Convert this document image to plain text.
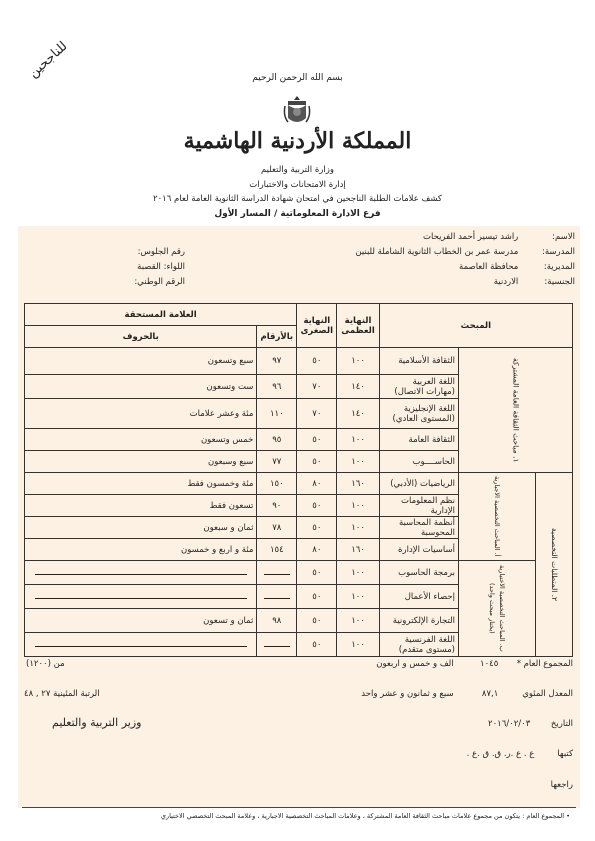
للناجحين	بسم الله الرحمن الرحيم
المملكة الأردنية الهاشمية
وزارة التربية والتعليم
إدارة الامتحانات والاختبارات
كشف علامات الطلبة الناجحين في امتحان شهادة الدراسة الثانوية العامة لعام ٢٠١٦
فرع الادارة المعلوماتية / المسار الأول
الاسم: راشد تيسير أحمد الفريحات
المدرسة: مدرسة عمر بن الخطاب الثانوية الشاملة للبنين
المديرية: محافظة العاصمة
الجنسية: الاردنية
رقم الجلوس:
اللواء: القصبة
الرقم الوطني:
المبحث			النهاية العظمى	النهاية الصغرى	العلامة المستحقة	
					بالأرقام	بالحروف

١. مباحث الثقافة العامة المشتركة		الثقافة الأسلامية	١٠٠	٥٠	٩٧	سبع وتسعون
		اللغة العربية (مهارات الاتصال)	١٤٠	٧٠	٩٦	ست وتسعون
		اللغة الإنجليزية (المستوى العادي)	١٤٠	٧٠	١١٠	مئة وعشر علامات
		الثقافة العامة	١٠٠	٥٠	٩٥	خمس وتسعون
		الحاســــوب	١٠٠	٥٠	٧٧	سبع وسبعون

٢. المتطلبات التخصصية	أ. المباحث التخصصية الاجبارية	الرياضيات (الأدبي)	١٦٠	٨٠	١٥٠	مئة وخمسون فقط
		نظم المعلومات الإدارية	١٠٠	٥٠	٩٠	تسعون فقط
		أنظمة المحاسبة المحوسبة	١٠٠	٥٠	٧٨	ثمان و سبعون
		أساسيات الإدارة	١٦٠	٨٠	١٥٤	مئة و اربع و خمسون

	ب. المباحث التخصصية الاختيارية (يختار مبحث واحد)	برمجة الحاسوب	١٠٠	٥٠		
		إحصاء الأعمال	١٠٠	٥٠		
		التجارة الإلكترونية	١٠٠	٥٠	٩٨	ثمان و تسعون
		اللغة الفرنسية (مستوى متقدم)	١٠٠	٥٠		
المجموع العام * ١٠٤٥ الف و خمس و اربعون
من (١٢٠٠)
المعدل المئوي ٨٧,١ سبع و ثمانون و عشر واحد
الرتبة المئينية ٢٧ , ٤٨
التاريخ ٢٠١٦/٠٢/٠٣
وزير التربية والتعليم
كتبها ع . ع .ر. ق. ق .ع .
راجعها
• المجموع العام : يتكون من مجموع علامات مباحث الثقافة العامة المشتركة ، وعلامات المباحث التخصصية الاجبارية ، وعلامة المبحث التخصصي الاختياري
